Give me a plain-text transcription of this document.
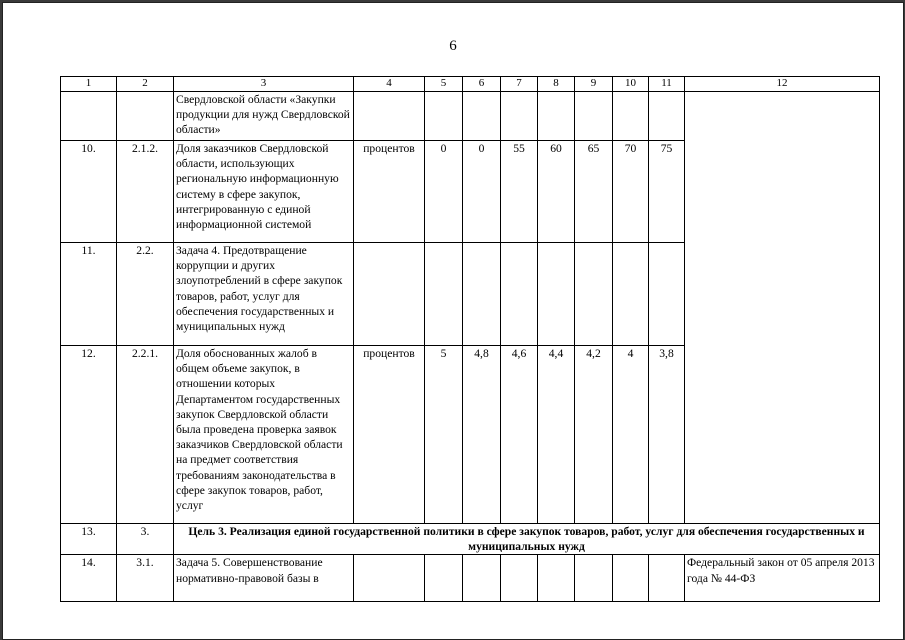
6
1	2	3	4	5	6	7	8	9	10	11	12
		Свердловской области «Закупки продукции для нужд Свердловской области»									
10.	2.1.2.	Доля заказчиков Свердловской области, использующих региональную информационную систему в сфере закупок, интегрированную с единой информационной системой	процентов	0	0	55	60	65	70	75	
11.	2.2.	Задача 4. Предотвращение коррупции и других злоупотреблений в сфере закупок товаров, работ, услуг для обеспечения государственных и муниципальных нужд									
12.	2.2.1.	Доля обоснованных жалоб в общем объеме закупок, в отношении которых Департаментом государственных закупок Свердловской области была проведена проверка заявок заказчиков Свердловской области на предмет соответствия требованиям законодательства в сфере закупок товаров, работ, услуг	процентов	5	4,8	4,6	4,4	4,2	4	3,8	
13.	3.	Цель 3. Реализация единой государственной политики в сфере закупок товаров, работ, услуг для обеспечения государственных и муниципальных нужд									
14.	3.1.	Задача 5. Совершенствование нормативно-правовой базы в									Федеральный закон от 05 апреля 2013 года № 44-ФЗ
